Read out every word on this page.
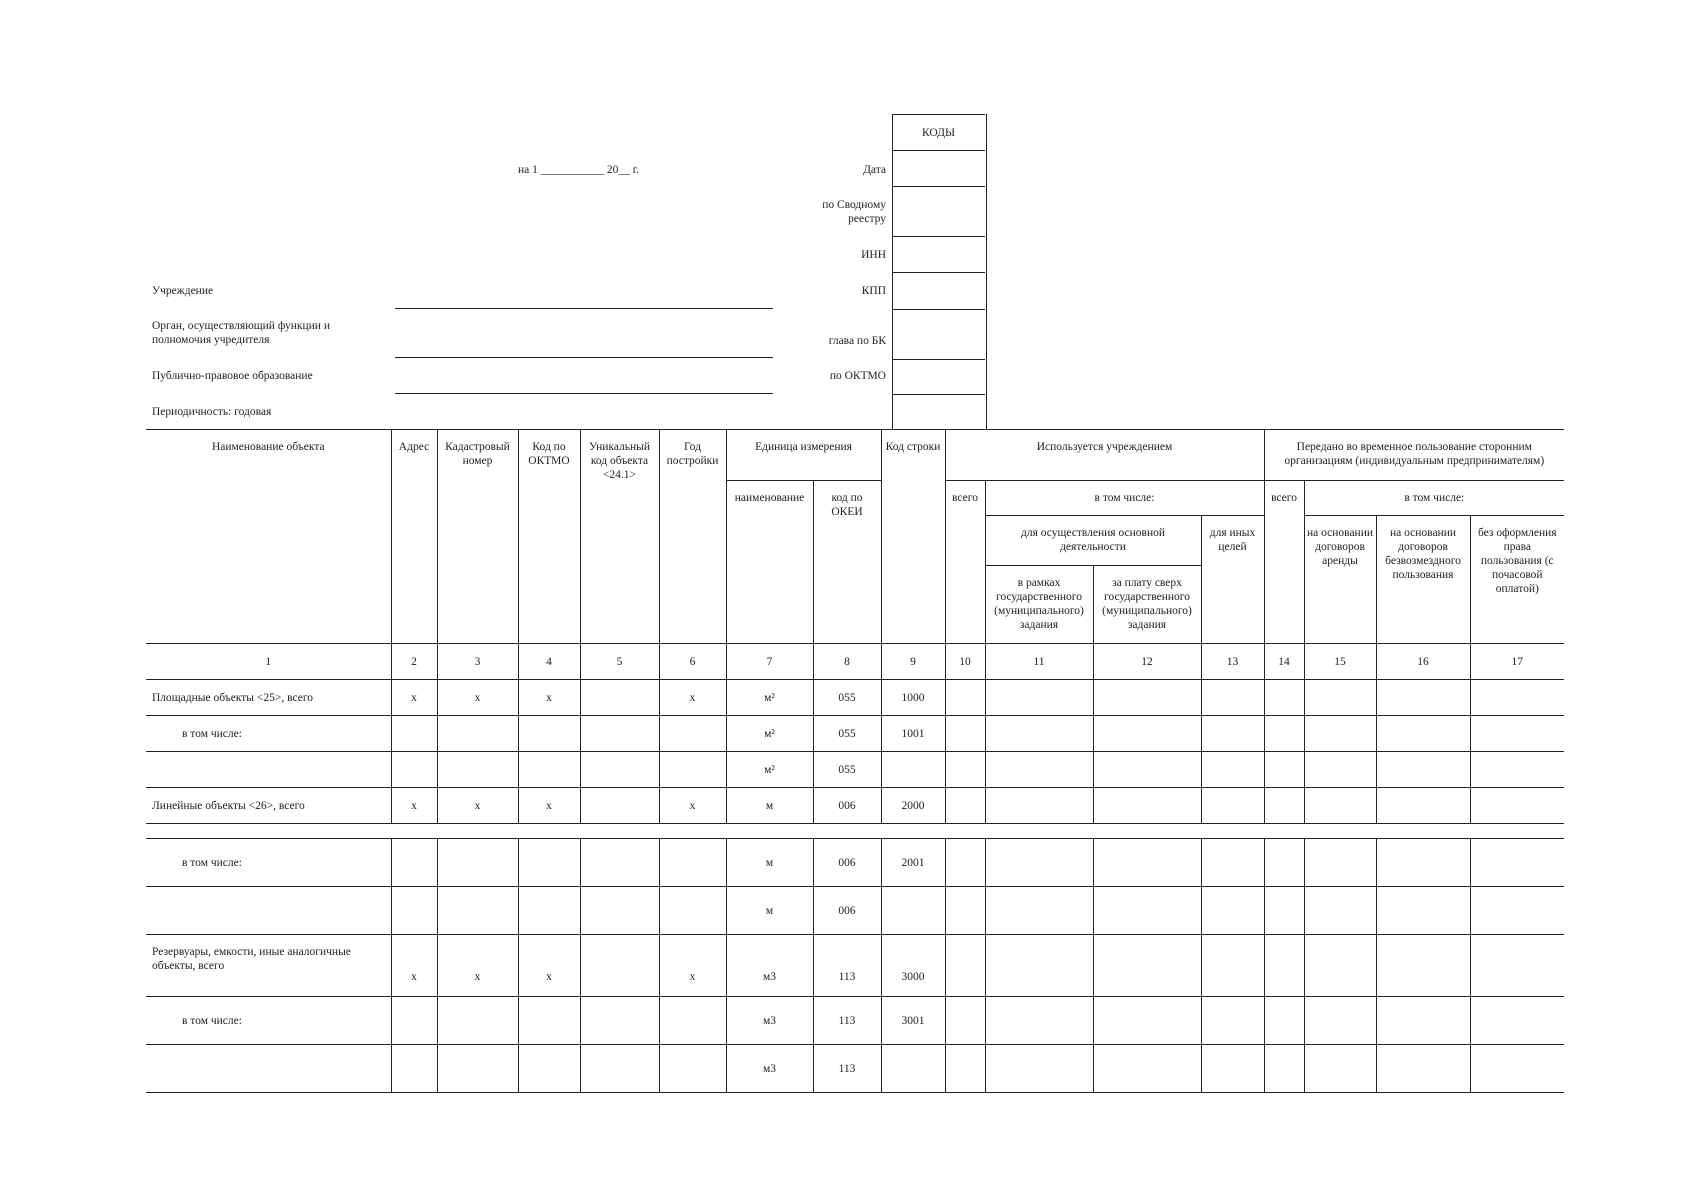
КОДЫ
на 1 ___________ 20__ г.	Дата
по Сводному
реестру
ИНН
КПП
глава по БК
по ОКТМО
Учреждение
Орган, осуществляющий функции и
полномочия учредителя
Публично-правовое образование
Периодичность: годовая
Наименование объекта	Адрес	Кадастровый номер	Код по ОКТМО	Уникальный код объекта <24.1>	Год постройки	Единица измерения		Код строки	Используется учреждением				Передано во временное пользование сторонним организациям (индивидуальным предпринимателям)			
						наименование	код по ОКЕИ		всего	в том числе:			всего	в том числе:		
										для осуществления основной деятельности		для иных целей		на основании договоров аренды	на основании договоров безвозмездного пользования	без оформления права пользования (с почасовой оплатой)
										в рамках государственного (муниципального) задания	за плату сверх государственного (муниципального) задания					
1	2	3	4	5	6	7	8	9	10	11	12	13	14	15	16	17
Площадные объекты <25>, всего	x	x	x		x	м²	055	1000								
в том числе:						м²	055	1001								
						м²	055									
Линейные объекты <26>, всего	x	x	x		x	м	006	2000								
в том числе:						м	006	2001								
						м	006									
Резервуары, емкости, иные аналогичные объекты, всего	x	x	x		x	м3	113	3000								
в том числе:						м3	113	3001								
						м3	113									
